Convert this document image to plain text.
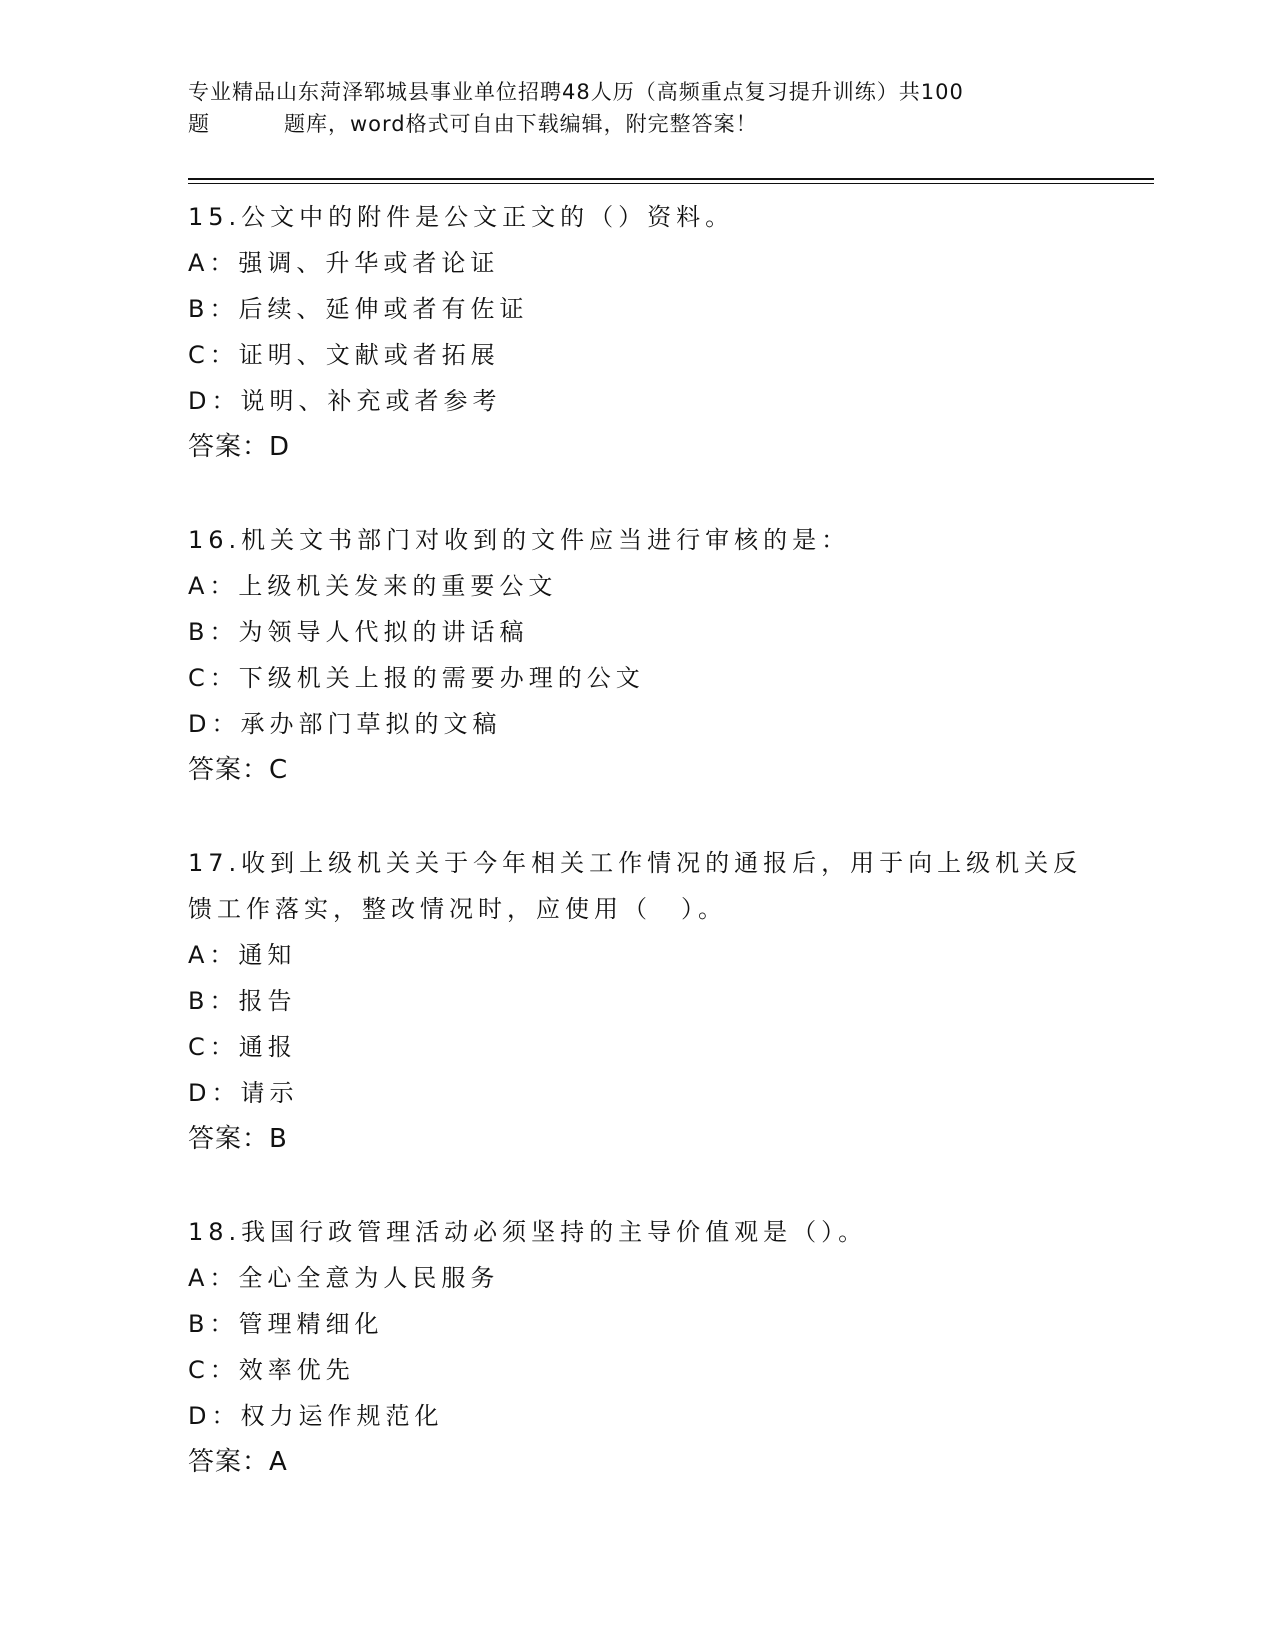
专业精品山东菏泽郓城县事业单位招聘48人历（高频重点复习提升训练）共100
题	题库，word格式可自由下载编辑，附完整答案！
15.公文中的附件是公文正文的（）资料。
A：强调、升华或者论证
B：后续、延伸或者有佐证
C：证明、文献或者拓展
D：说明、补充或者参考
答案：D
16.机关文书部门对收到的文件应当进行审核的是：
A：上级机关发来的重要公文
B：为领导人代拟的讲话稿
C：下级机关上报的需要办理的公文
D：承办部门草拟的文稿
答案：C
17.收到上级机关关于今年相关工作情况的通报后，用于向上级机关反
馈工作落实，整改情况时，应使用（　）。
A：通知
B：报告
C：通报
D：请示
答案：B
18.我国行政管理活动必须坚持的主导价值观是（）。
A：全心全意为人民服务
B：管理精细化
C：效率优先
D：权力运作规范化
答案：A
